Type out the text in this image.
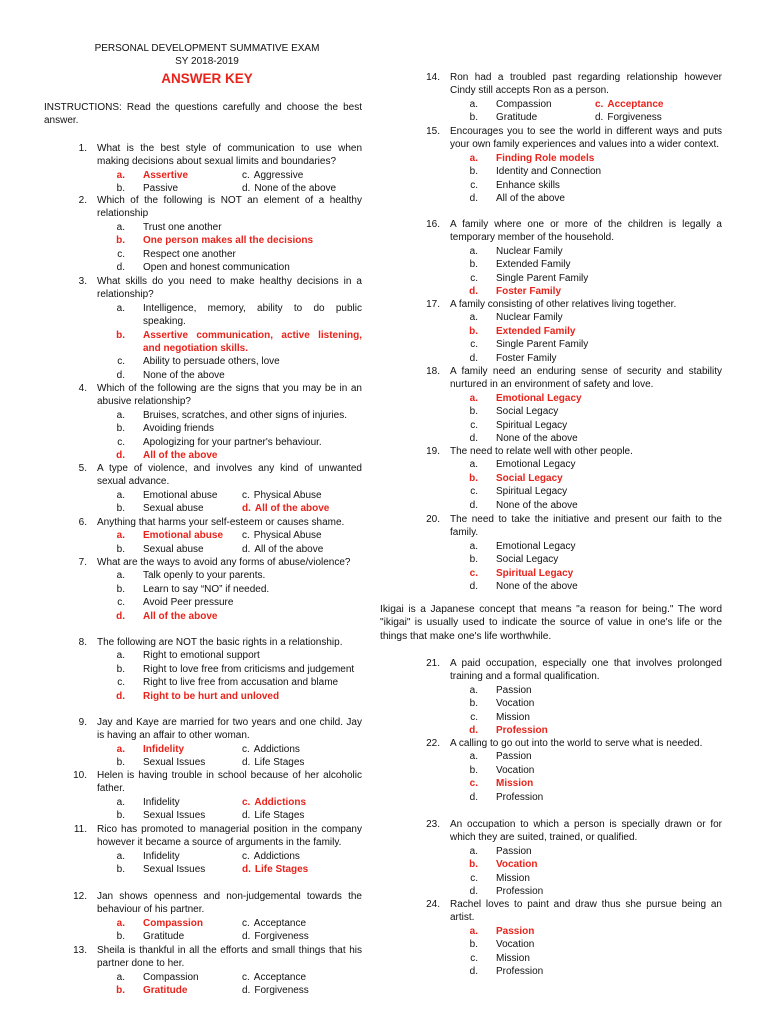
PERSONAL DEVELOPMENT SUMMATIVE EXAM
SY 2018-2019
ANSWER KEY
INSTRUCTIONS: Read the questions carefully and choose the best answer.
Ikigai is a Japanese concept that means "a reason for being." The word "ikigai" is usually used to indicate the source of value in one's life or the things that make one's life worthwhile.
1. What is the best style of communication to use when making decisions about sexual limits and boundaries?
a.	Assertive	c. Aggressive
b.	Passive	d. None of the above
2. Which of the following is NOT an element of a healthy relationship
a.	Trust one another
b.	One person makes all the decisions
c.	Respect one another
d.	Open and honest communication
3. What skills do you need to make healthy decisions in a relationship?
a.	Intelligence, memory, ability to do public speaking.
b.	Assertive communication, active listening, and negotiation skills.
c.	Ability to persuade others, love
d.	None of the above
4. Which of the following are the signs that you may be in an abusive relationship?
a.	Bruises, scratches, and other signs of injuries.
b.	Avoiding friends
c.	Apologizing for your partner's behaviour.
d.	All of the above
5. A type of violence, and involves any kind of unwanted sexual advance.
a.	Emotional abuse	c. Physical Abuse
b.	Sexual abuse	d. All of the above
6. Anything that harms your self-esteem or causes shame.
a.	Emotional abuse	c. Physical Abuse
b.	Sexual abuse	d. All of the above
7. What are the ways to avoid any forms of abuse/violence?
a.	Talk openly to your parents.
b.	Learn to say “NO” if needed.
c.	Avoid Peer pressure
d.	All of the above
8. The following are NOT the basic rights in a relationship.
a.	Right to emotional support
b.	Right to love free from criticisms and judgement
c.	Right to live free from accusation and blame
d.	Right to be hurt and unloved
9. Jay and Kaye are married for two years and one child. Jay is having an affair to other woman.
a.	Infidelity	c. Addictions
b.	Sexual Issues	d. Life Stages
10. Helen is having trouble in school because of her alcoholic father.
a.	Infidelity	c. Addictions
b.	Sexual Issues	d. Life Stages
11. Rico has promoted to managerial position in the company however it became a source of arguments in the family.
a.	Infidelity	c. Addictions
b.	Sexual Issues	d. Life Stages
12. Jan shows openness and non-judgemental towards the behaviour of his partner.
a.	Compassion	c. Acceptance
b.	Gratitude	d. Forgiveness
13. Sheila is thankful in all the efforts and small things that his partner done to her.
a.	Compassion	c. Acceptance
b.	Gratitude	d. Forgiveness
14. Ron had a troubled past regarding relationship however Cindy still accepts Ron as a person.
a.	Compassion	c. Acceptance
b.	Gratitude	d. Forgiveness
15. Encourages you to see the world in different ways and puts your own family experiences and values into a wider context.
a.	Finding Role models
b.	Identity and Connection
c.	Enhance skills
d.	All of the above
16. A family where one or more of the children is legally a temporary member of the household.
a.	Nuclear Family
b.	Extended Family
c.	Single Parent Family
d.	Foster Family
17. A family consisting of other relatives living together.
a.	Nuclear Family
b.	Extended Family
c.	Single Parent Family
d.	Foster Family
18. A family need an enduring sense of security and stability nurtured in an environment of safety and love.
a.	Emotional Legacy
b.	Social Legacy
c.	Spiritual Legacy
d.	None of the above
19. The need to relate well with other people.
a.	Emotional Legacy
b.	Social Legacy
c.	Spiritual Legacy
d.	None of the above
20. The need to take the initiative and present our faith to the family.
a.	Emotional Legacy
b.	Social Legacy
c.	Spiritual Legacy
d.	None of the above
21. A paid occupation, especially one that involves prolonged training and a formal qualification.
a.	Passion
b.	Vocation
c.	Mission
d.	Profession
22. A calling to go out into the world to serve what is needed.
a.	Passion
b.	Vocation
c.	Mission
d.	Profession
23. An occupation to which a person is specially drawn or for which they are suited, trained, or qualified.
a.	Passion
b.	Vocation
c.	Mission
d.	Profession
24. Rachel loves to paint and draw thus she pursue being an artist.
a.	Passion
b.	Vocation
c.	Mission
d.	Profession
